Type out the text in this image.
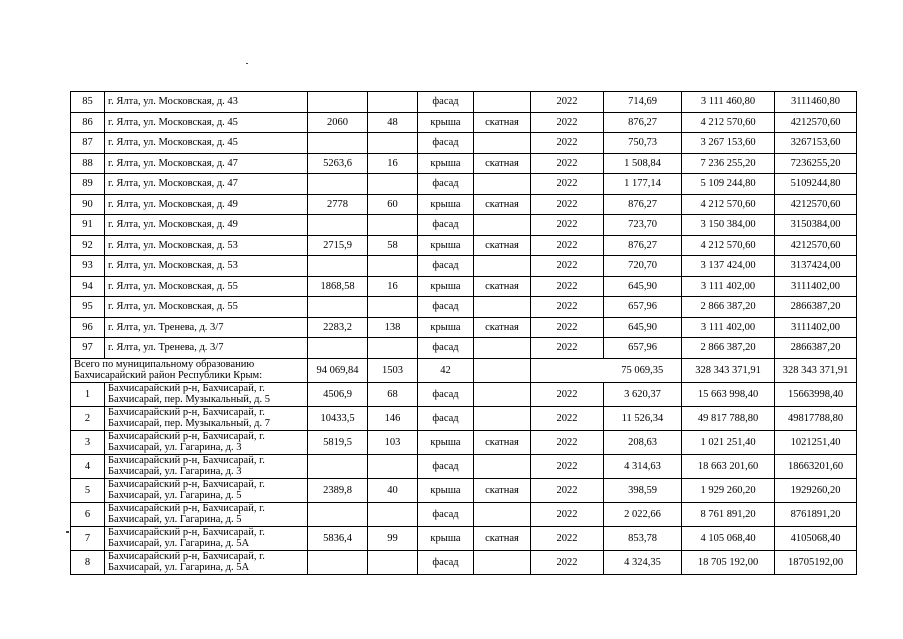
85	г. Ялта, ул. Московская, д. 43			фасад		2022	714,69	3 111 460,80	3111460,80
86	г. Ялта, ул. Московская, д. 45	2060	48	крыша	скатная	2022	876,27	4 212 570,60	4212570,60
87	г. Ялта, ул. Московская, д. 45			фасад		2022	750,73	3 267 153,60	3267153,60
88	г. Ялта, ул. Московская, д. 47	5263,6	16	крыша	скатная	2022	1 508,84	7 236 255,20	7236255,20
89	г. Ялта, ул. Московская, д. 47			фасад		2022	1 177,14	5 109 244,80	5109244,80
90	г. Ялта, ул. Московская, д. 49	2778	60	крыша	скатная	2022	876,27	4 212 570,60	4212570,60
91	г. Ялта, ул. Московская, д. 49			фасад		2022	723,70	3 150 384,00	3150384,00
92	г. Ялта, ул. Московская, д. 53	2715,9	58	крыша	скатная	2022	876,27	4 212 570,60	4212570,60
93	г. Ялта, ул. Московская, д. 53			фасад		2022	720,70	3 137 424,00	3137424,00
94	г. Ялта, ул. Московская, д. 55	1868,58	16	крыша	скатная	2022	645,90	3 111 402,00	3111402,00
95	г. Ялта, ул. Московская, д. 55			фасад		2022	657,96	2 866 387,20	2866387,20
96	г. Ялта, ул. Тренева, д. 3/7	2283,2	138	крыша	скатная	2022	645,90	3 111 402,00	3111402,00
97	г. Ялта, ул. Тренева, д. 3/7			фасад		2022	657,96	2 866 387,20	2866387,20
Всего по муниципальному образованию Бахчисарайский район Республики Крым:		94 069,84	1503	42			75 069,35	328 343 371,91	328 343 371,91
1	Бахчисарайский р-н, Бахчисарай, г. Бахчисарай, пер. Музыкальный, д. 5	4506,9	68	фасад		2022	3 620,37	15 663 998,40	15663998,40
2	Бахчисарайский р-н, Бахчисарай, г. Бахчисарай, пер. Музыкальный, д. 7	10433,5	146	фасад		2022	11 526,34	49 817 788,80	49817788,80
3	Бахчисарайский р-н, Бахчисарай, г. Бахчисарай, ул. Гагарина, д. 3	5819,5	103	крыша	скатная	2022	208,63	1 021 251,40	1021251,40
4	Бахчисарайский р-н, Бахчисарай, г. Бахчисарай, ул. Гагарина, д. 3			фасад		2022	4 314,63	18 663 201,60	18663201,60
5	Бахчисарайский р-н, Бахчисарай, г. Бахчисарай, ул. Гагарина, д. 5	2389,8	40	крыша	скатная	2022	398,59	1 929 260,20	1929260,20
6	Бахчисарайский р-н, Бахчисарай, г. Бахчисарай, ул. Гагарина, д. 5			фасад		2022	2 022,66	8 761 891,20	8761891,20
7	Бахчисарайский р-н, Бахчисарай, г. Бахчисарай, ул. Гагарина, д. 5А	5836,4	99	крыша	скатная	2022	853,78	4 105 068,40	4105068,40
8	Бахчисарайский р-н, Бахчисарай, г. Бахчисарай, ул. Гагарина, д. 5А			фасад		2022	4 324,35	18 705 192,00	18705192,00
